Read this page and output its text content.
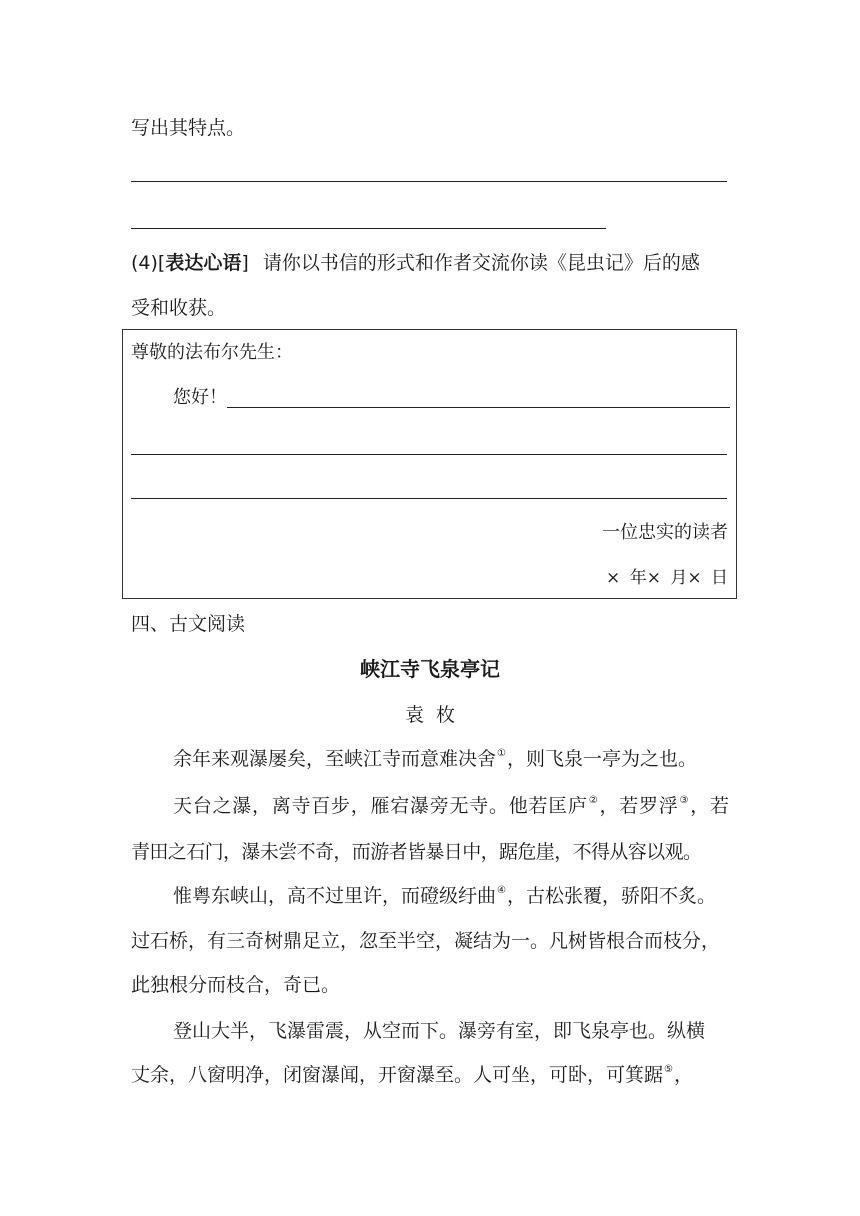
写出其特点。
(4)[表达心语] 请你以书信的形式和作者交流你读《昆虫记》后的感
受和收获。
尊敬的法布尔先生：
您好！
一位忠实的读者
× 年× 月× 日
四、古文阅读
峡江寺飞泉亭记
袁  枚
余年来观瀑屡矣，至峡江寺而意难决舍①，则飞泉一亭为之也。
天台之瀑，离寺百步，雁宕瀑旁无寺。他若匡庐②，若罗浮③，若
青田之石门，瀑未尝不奇，而游者皆暴日中，踞危崖，不得从容以观。
惟粤东峡山，高不过里许，而磴级纡曲④，古松张覆，骄阳不炙。
过石桥，有三奇树鼎足立，忽至半空，凝结为一。凡树皆根合而枝分，
此独根分而枝合，奇已。
登山大半，飞瀑雷震，从空而下。瀑旁有室，即飞泉亭也。纵横
丈余，八窗明净，闭窗瀑闻，开窗瀑至。人可坐，可卧，可箕踞⑤，
